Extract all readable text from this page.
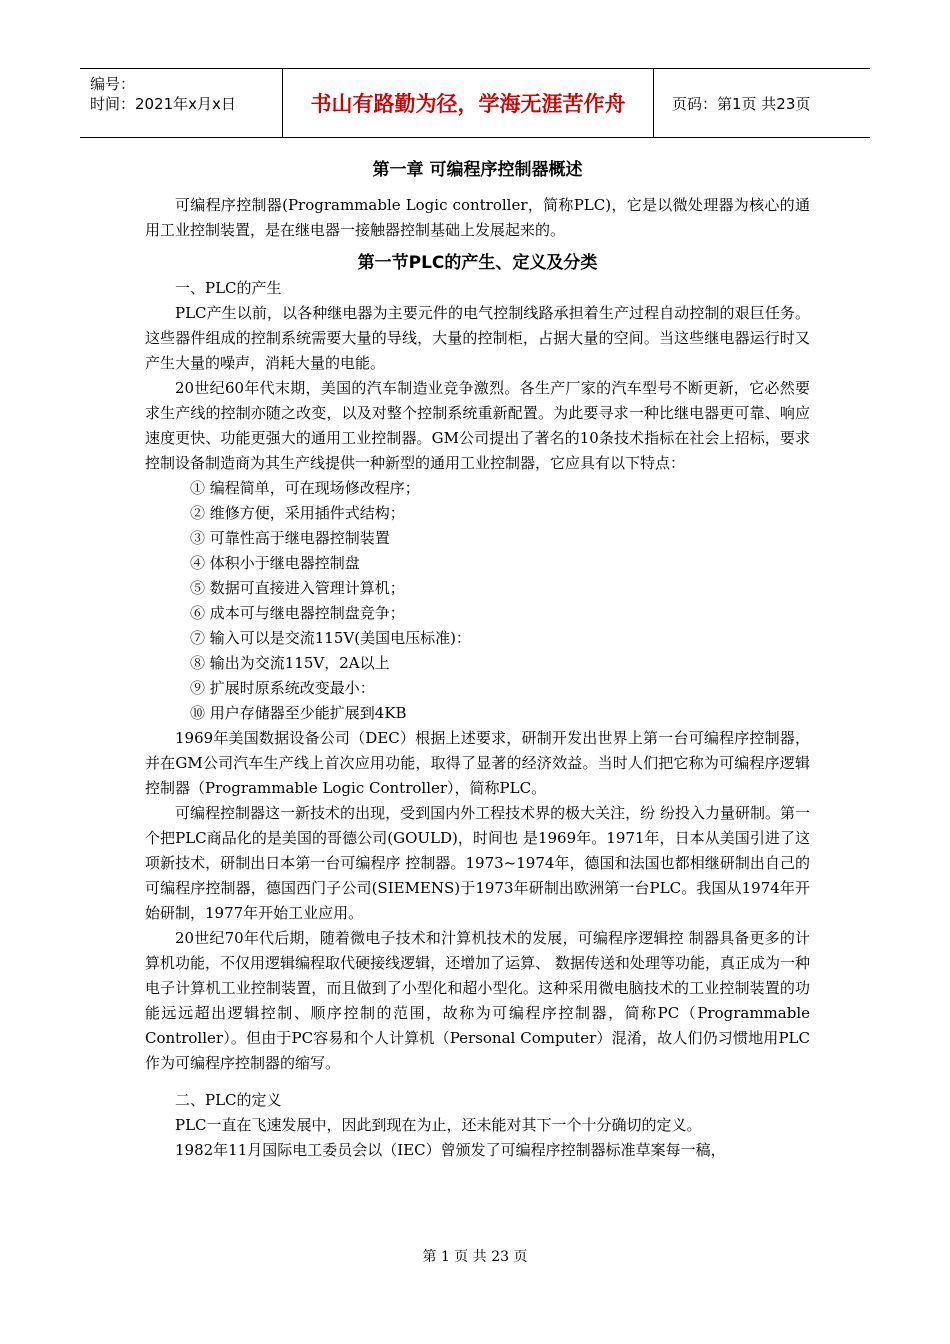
编号：
时间：2021年x月x日	书山有路勤为径，学海无涯苦作舟	页码：第1页 共23页
第一章 可编程序控制器概述

可编程序控制器(Programmable Logic controller，简称PLC)，它是以微处理器为核心的通用工业控制装置，是在继电器一接触器控制基础上发展起来的。

第一节PLC的产生、定义及分类

一、PLC的产生

PLC产生以前，以各种继电器为主要元件的电气控制线路承担着生产过程自动控制的艰巨任务。这些器件组成的控制系统需要大量的导线，大量的控制柜，占据大量的空间。当这些继电器运行时又产生大量的噪声，消耗大量的电能。

20世纪60年代末期，美国的汽车制造业竞争激烈。各生产厂家的汽车型号不断更新，它必然要求生产线的控制亦随之改变，以及对整个控制系统重新配置。为此要寻求一种比继电器更可靠、响应速度更快、功能更强大的通用工业控制器。GM公司提出了著名的10条技术指标在社会上招标，要求控制设备制造商为其生产线提供一种新型的通用工业控制器，它应具有以下特点：

① 编程简单，可在现场修改程序；

② 维修方便，采用插件式结构；

③ 可靠性高于继电器控制装置

④ 体积小于继电器控制盘

⑤ 数据可直接进入管理计算机；

⑥ 成本可与继电器控制盘竞争；

⑦ 输入可以是交流115V(美国电压标准)：

⑧ 输出为交流115V，2A以上

⑨ 扩展时原系统改变最小：

⑩ 用户存储器至少能扩展到4KB

1969年美国数据设备公司（DEC）根据上述要求，研制开发出世界上第一台可编程序控制器，并在GM公司汽车生产线上首次应用功能，取得了显著的经济效益。当时人们把它称为可编程序逻辑控制器（Programmable Logic Controller），简称PLC。

可编程控制器这一新技术的出现，受到国内外工程技术界的极大关注，纷 纷投入力量研制。第一个把PLC商品化的是美国的哥德公司(GOULD)，时间也 是1969年。1971年，日本从美国引进了这项新技术，研制出日本第一台可编程序 控制器。1973~1974年，德国和法国也都相继研制出自己的可编程序控制器，德国西门子公司(SIEMENS)于1973年研制出欧洲第一台PLC。我国从1974年开始研制，1977年开始工业应用。

20世纪70年代后期，随着微电子技术和汁算机技术的发展，可编程序逻辑控 制器具备更多的计算机功能，不仅用逻辑编程取代硬接线逻辑，还增加了运算、 数据传送和处理等功能，真正成为一种电子计算机工业控制装置，而且做到了小型化和超小型化。这种采用微电脑技术的工业控制装置的功能远远超出逻辑控制、顺序控制的范围，故称为可编程序控制器，简称PC（Programmable Controller）。但由于PC容易和个人计算机（Personal Computer）混淆，故人们仍习惯地用PLC作为可编程序控制器的缩写。

二、PLC的定义

PLC一直在飞速发展中，因此到现在为止，还未能对其下一个十分确切的定义。

1982年11月国际电工委员会以（IEC）曾颁发了可编程序控制器标准草案每一稿，

第 1 页 共 23 页
